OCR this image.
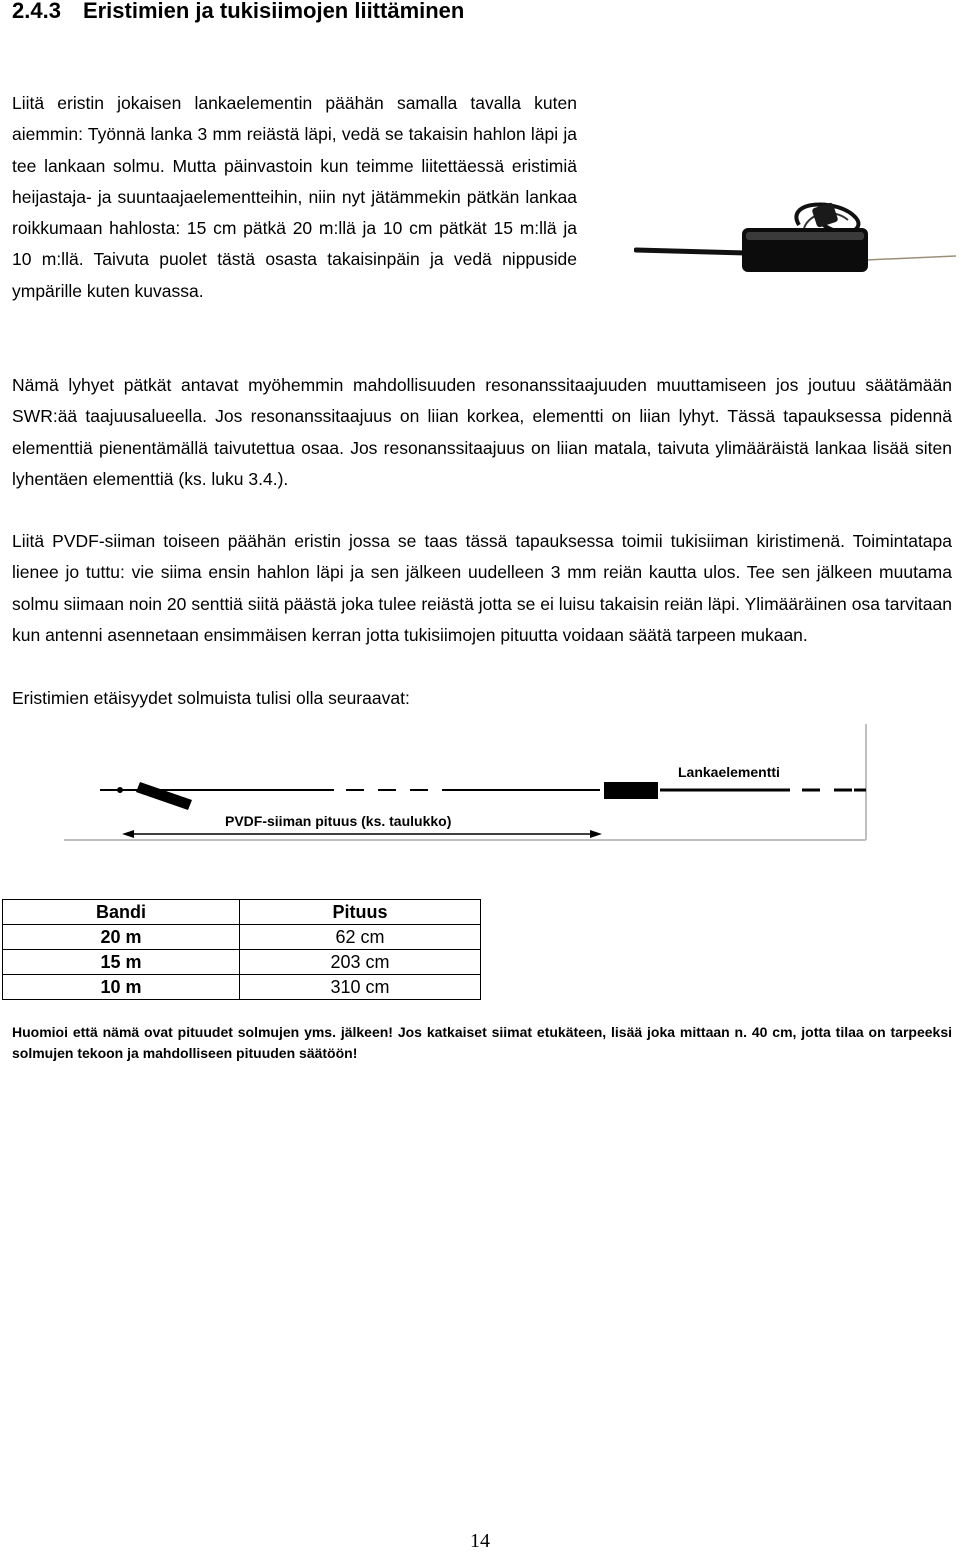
2.4.3 Eristimien ja tukisiimojen liittäminen

Liitä eristin jokaisen lankaelementin päähän samalla tavalla kuten aiemmin: Työnnä lanka 3 mm reiästä läpi, vedä se takaisin hahlon läpi ja tee lankaan solmu. Mutta päinvastoin kun teimme liitettäessä eristimiä heijastaja- ja suuntaajaelementteihin, niin nyt jätämmekin pätkän lankaa roikkumaan hahlosta: 15 cm pätkä 20 m:llä ja 10 cm pätkät 15 m:llä ja 10 m:llä. Taivuta puolet tästä osasta takaisinpäin ja vedä nippuside ympärille kuten kuvassa.

Nämä lyhyet pätkät antavat myöhemmin mahdollisuuden resonanssitaajuuden muuttamiseen jos joutuu säätämään SWR:ää taajuusalueella. Jos resonanssitaajuus on liian korkea, elementti on liian lyhyt. Tässä tapauksessa pidennä elementtiä pienentämällä taivutettua osaa. Jos resonanssitaajuus on liian matala, taivuta ylimääräistä lankaa lisää siten lyhentäen elementtiä (ks. luku 3.4.).

Liitä PVDF-siiman toiseen päähän eristin jossa se taas tässä tapauksessa toimii tukisiiman kiristimenä. Toimintatapa lienee jo tuttu: vie siima ensin hahlon läpi ja sen jälkeen uudelleen 3 mm reiän kautta ulos. Tee sen jälkeen muutama solmu siimaan noin 20 senttiä siitä päästä joka tulee reiästä jotta se ei luisu takaisin reiän läpi. Ylimääräinen osa tarvitaan kun antenni asennetaan ensimmäisen kerran jotta tukisiimojen pituutta voidaan säätä tarpeen mukaan.

Eristimien etäisyydet solmuista tulisi olla seuraavat:

Lankaelementti
PVDF-siiman pituus (ks. taulukko)
Bandi	Pituus
20 m	62 cm
15 m	203 cm
10 m	310 cm

Huomioi että nämä ovat pituudet solmujen yms. jälkeen! Jos katkaiset siimat etukäteen, lisää joka mittaan n. 40 cm, jotta tilaa on tarpeeksi solmujen tekoon ja mahdolliseen pituuden säätöön!

14
